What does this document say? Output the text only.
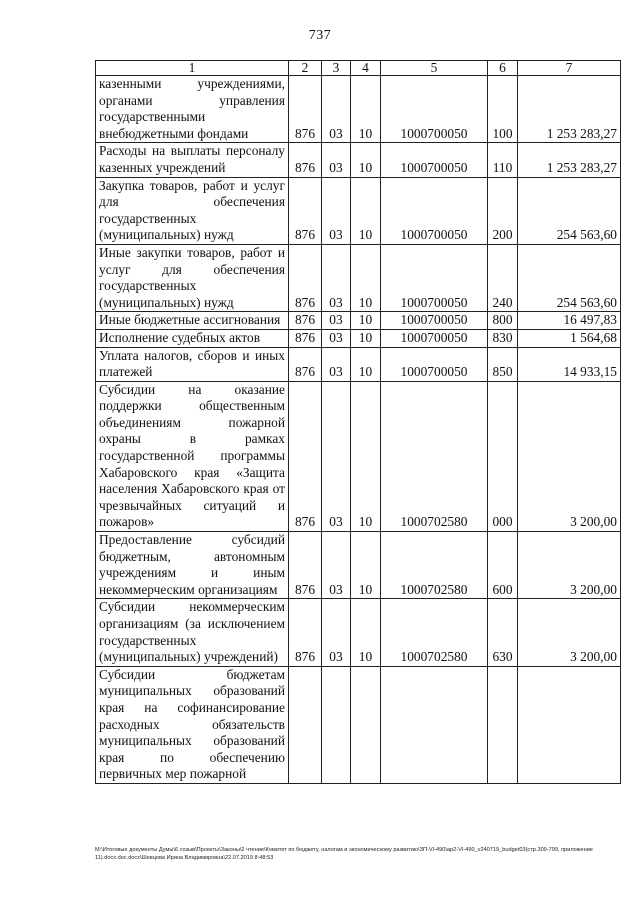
737
1	2	3	4	5	6	7
казенными учреждениями, органами управления государственными внебюджетными фондами	876	03	10	1000700050	100	1 253 283,27
Расходы на выплаты персоналу казенных учреждений	876	03	10	1000700050	110	1 253 283,27
Закупка товаров, работ и услуг для обеспечения государственных (муниципальных) нужд	876	03	10	1000700050	200	254 563,60
Иные закупки товаров, работ и услуг для обеспечения государственных (муниципальных) нужд	876	03	10	1000700050	240	254 563,60
Иные бюджетные ассигнования	876	03	10	1000700050	800	16 497,83
Исполнение судебных актов	876	03	10	1000700050	830	1 564,68
Уплата налогов, сборов и иных платежей	876	03	10	1000700050	850	14 933,15
Субсидии на оказание поддержки общественным объединениям пожарной охраны в рамках государственной программы Хабаровского края «Защита населения Хабаровского края от чрезвычайных ситуаций и пожаров»	876	03	10	1000702580	000	3 200,00
Предоставление субсидий бюджетным, автономным учреждениям и иным некоммерческим организациям	876	03	10	1000702580	600	3 200,00
Субсидии некоммерческим организациям (за исключением государственных (муниципальных) учреждений)	876	03	10	1000702580	630	3 200,00
Субсидии бюджетам муниципальных образований края на софинансирование расходных обязательств муниципальных образований края по обеспечению первичных мер пожарной						
M:\Итоговые документы Думы\6 созыв\Проекты\Законы\2 чтение\Комитет по бюджету, налогам и экономическому развитию\ЗП-VI-490\ap2-VI-490_v240719_budget03(стр.309-799, приложение 11).docx.doc.docx\Шевцова Ирина Владимировна\22.07.2019 8:48:53
